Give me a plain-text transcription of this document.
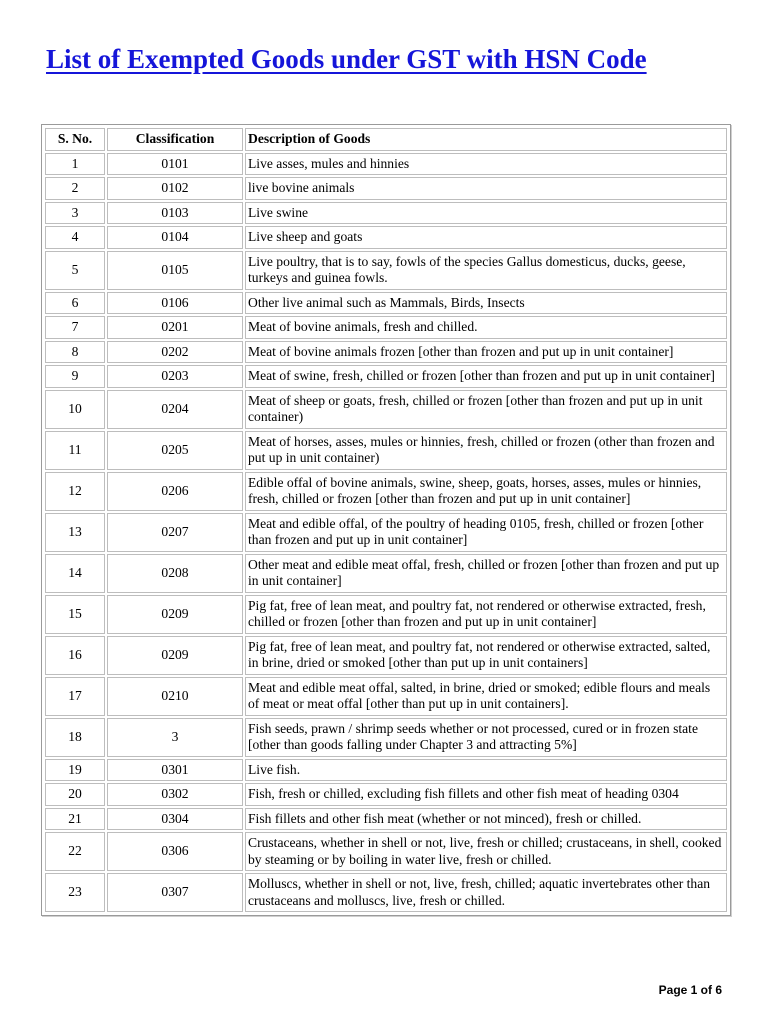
List of Exempted Goods under GST with HSN Code
S. No.	Classification	Description of Goods
1	0101	Live asses, mules and hinnies
2	0102	live bovine animals
3	0103	Live swine
4	0104	Live sheep and goats
5	0105	Live poultry, that is to say, fowls of the species Gallus domesticus, ducks, geese, turkeys and guinea fowls.
6	0106	Other live animal such as Mammals, Birds, Insects
7	0201	Meat of bovine animals, fresh and chilled.
8	0202	Meat of bovine animals frozen [other than frozen and put up in unit container]
9	0203	Meat of swine, fresh, chilled or frozen [other than frozen and put up in unit container]
10	0204	Meat of sheep or goats, fresh, chilled or frozen [other than frozen and put up in unit container)
11	0205	Meat of horses, asses, mules or hinnies, fresh, chilled or frozen (other than frozen and put up in unit container)
12	0206	Edible offal of bovine animals, swine, sheep, goats, horses, asses, mules or hinnies, fresh, chilled or frozen [other than frozen and put up in unit container]
13	0207	Meat and edible offal, of the poultry of heading 0105, fresh, chilled or frozen [other than frozen and put up in unit container]
14	0208	Other meat and edible meat offal, fresh, chilled or frozen [other than frozen and put up in unit container]
15	0209	Pig fat, free of lean meat, and poultry fat, not rendered or otherwise extracted, fresh, chilled or frozen [other than frozen and put up in unit container]
16	0209	Pig fat, free of lean meat, and poultry fat, not rendered or otherwise extracted, salted, in brine, dried or smoked [other than put up in unit containers]
17	0210	Meat and edible meat offal, salted, in brine, dried or smoked; edible flours and meals of meat or meat offal [other than put up in unit containers].
18	3	Fish seeds, prawn / shrimp seeds whether or not processed, cured or in frozen state [other than goods falling under Chapter 3 and attracting 5%]
19	0301	Live fish.
20	0302	Fish, fresh or chilled, excluding fish fillets and other fish meat of heading 0304
21	0304	Fish fillets and other fish meat (whether or not minced), fresh or chilled.
22	0306	Crustaceans, whether in shell or not, live, fresh or chilled; crustaceans, in shell, cooked by steaming or by boiling in water live, fresh or chilled.
23	0307	Molluscs, whether in shell or not, live, fresh, chilled; aquatic invertebrates other than crustaceans and molluscs, live, fresh or chilled.
Page 1 of 6
